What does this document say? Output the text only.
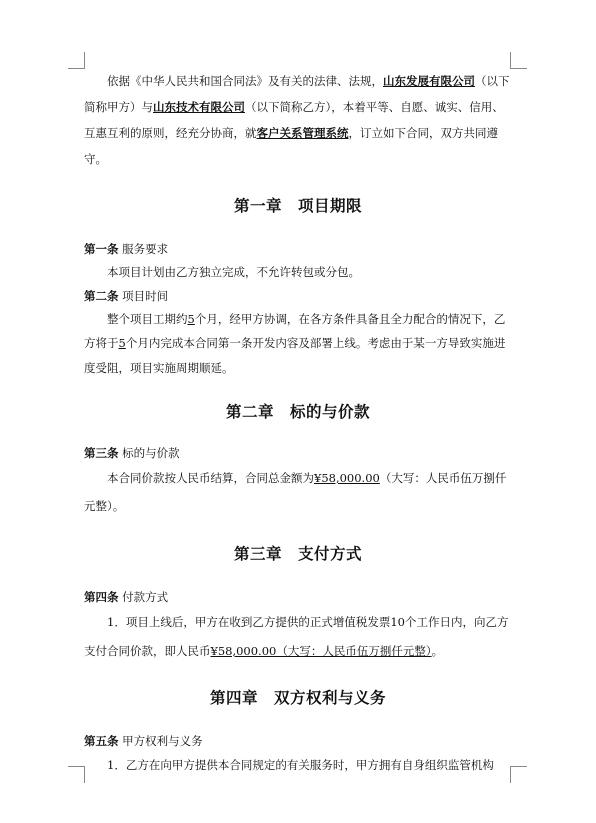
依据《中华人民共和国合同法》及有关的法律、法规，山东发展有限公司（以下简称甲方）与山东技术有限公司（以下简称乙方），本着平等、自愿、诚实、信用、互惠互利的原则，经充分协商，就客户关系管理系统，订立如下合同，双方共同遵守。

第一章 项目期限

第一条 服务要求

本项目计划由乙方独立完成，不允许转包或分包。

第二条 项目时间

整个项目工期约5个月，经甲方协调，在各方条件具备且全力配合的情况下，乙方将于5个月内完成本合同第一条开发内容及部署上线。考虑由于某一方导致实施进度受阻，项目实施周期顺延。

第二章 标的与价款

第三条 标的与价款

本合同价款按人民币结算，合同总金额为¥58,000.00（大写：人民币伍万捌仟元整）。

第三章 支付方式

第四条 付款方式

1．项目上线后，甲方在收到乙方提供的正式增值税发票10个工作日内，向乙方支付合同价款，即人民币¥58,000.00（大写：人民币伍万捌仟元整）。

第四章 双方权利与义务

第五条 甲方权利与义务

1．乙方在向甲方提供本合同规定的有关服务时，甲方拥有自身组织监管机构
